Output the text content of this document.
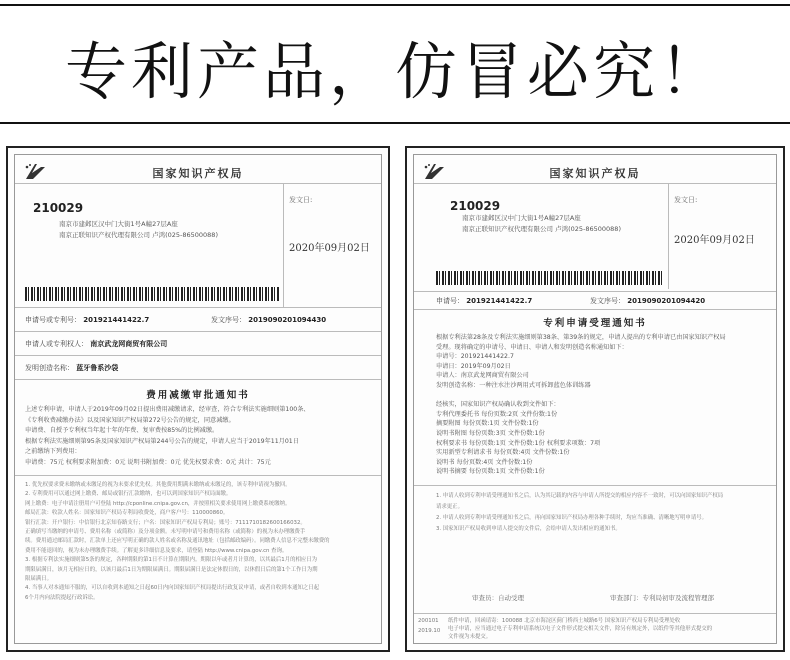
专利产品，仿冒必究！
国家知识产权局
210029
南京市建邺区汉中门大街1号A幢27层A座
南京正联知识产权代理有限公司 卢鸿(025-86500088)
发文日:
2020年09月02日
申请号或专利号： 201921441422.7	发文序号： 2019090201094430
申请人或专利权人： 南京武龙网商贸有限公司
发明创造名称： 蓝牙鲁系沙袋
费用减缴审批通知书

上述专利申请，申请人于2019年09月02日提出费用减缴请求，经审查，符合专利法实施细则第100条、

《专利收费减缴办法》以及国家知识产权局第272号公告的规定，同意减缴。

申请费、自授予专利权当年起十年的年费、复审费按85%的比例减缴。

根据专利法实施细则第95条及国家知识产权局第244号公告的规定，申请人应当于2019年11月01日

之前缴纳下列费用：

申请费：75元 权利要求附加费：0元 说明书附加费：0元 优先权要求费：0元 共计：75元

1. 优先权要求费未缴纳或未缴足的视为未要求优先权。其他费用期满未缴纳或未缴足的，该专利申请视为撤回。

2. 专利费用可以通过网上缴费、邮局或银行汇款缴纳，也可以到国家知识产权局面缴。

网上缴费：电子申请注册用户可登陆 http://cponline.cnipa.gov.cn，并按照相关要求使用网上缴费系统缴纳。

邮局汇款：收款人姓名：国家知识产权局专利局收费处，商户客户号：110000860。

银行汇款：开户银行：中信银行北京知春路支行；户名：国家知识产权局专利局；账号：7111710182600166032。

正确填写当缴纳的申请号、费用名称（或简称）及分项金额。未写明申请号和费用名称（或简称）的视为未办理缴费手

续。费用通过邮局汇款时，汇款单上还应写明正确的款人姓名或名称及通讯地址（包括邮政编码）。同缴费人信息不完整未缴费的

费用不能退回的，视为未办理缴费手续。了解更多详细信息及要求，请登陆 http://www.cnipa.gov.cn 查询。

3. 根据专利法实施细则第5条的规定，各种期限的第1日不计算在期限内。期限以年或者月计算的，以其最后1月的相应日为

期限届满日，该月无相应日的，以该月最后1日为期限届满日。期限届满日是法定休假日的，以休假日后的第1个工作日为期

限届满日。

4. 当事人对本通知不服的，可以自收到本通知之日起60日内向国家知识产权局提出行政复议申请，或者自收到本通知之日起

6个月内向法院提起行政诉讼。

国家知识产权局
210029
南京市建邺区汉中门大街1号A幢27层A座
南京正联知识产权代理有限公司 卢鸿(025-86500088)
发文日:
2020年09月02日
申请号： 201921441422.7	发文序号： 2019090201094420
专利申请受理通知书

根据专利法第28条及专利法实施细则第38条、第39条的规定，申请人提出的专利申请已由国家知识产权局

受理。现将确定的申请号、申请日、申请人和发明创造名称通知如下：

申请号：201921441422.7

申请日：2019年09月02日

申请人：南京武龙网商贸有限公司

发明创造名称：一种注水注沙两用式可拆卸蓝色体训练器

经核实，国家知识产权局确认收到文件如下：

专利代理委托书 每份页数:2页 文件份数:1份

摘要附图 每份页数:1页 文件份数:1份

说明书附图 每份页数:3页 文件份数:1份

权利要求书 每份页数:1页 文件份数:1份 权利要求项数：7项

实用新型专利请求书 每份页数:4页 文件份数:1份

说明书 每份页数:4页 文件份数:1份

说明书摘要 每份页数:1页 文件份数:1份

1. 申请人收到专利申请受理通知书之后，认为其记载的内容与申请人所提交的相应内容不一致时，可以向国家知识产权局

请求更正。

2. 申请人收到专利申请受理通知书之后，再向国家知识产权局办理各种手续时，均应当准确、清晰地写明申请号。

3. 国家知识产权局收到申请人提交的文件后，会给申请人发出相应的通知书。

审查员：自动受理	审查部门：专利局初审及流程管理部
200101
2019.10
纸件申请，回函请寄：100088 北京市海淀区蓟门桥西土城路6号 国家知识产权局专利局受理处收
电子申请，应当通过电子专利申请系统以电子文件形式提交相关文件，除另有规定外，以纸件等其他形式提交的
文件视为未提交。
